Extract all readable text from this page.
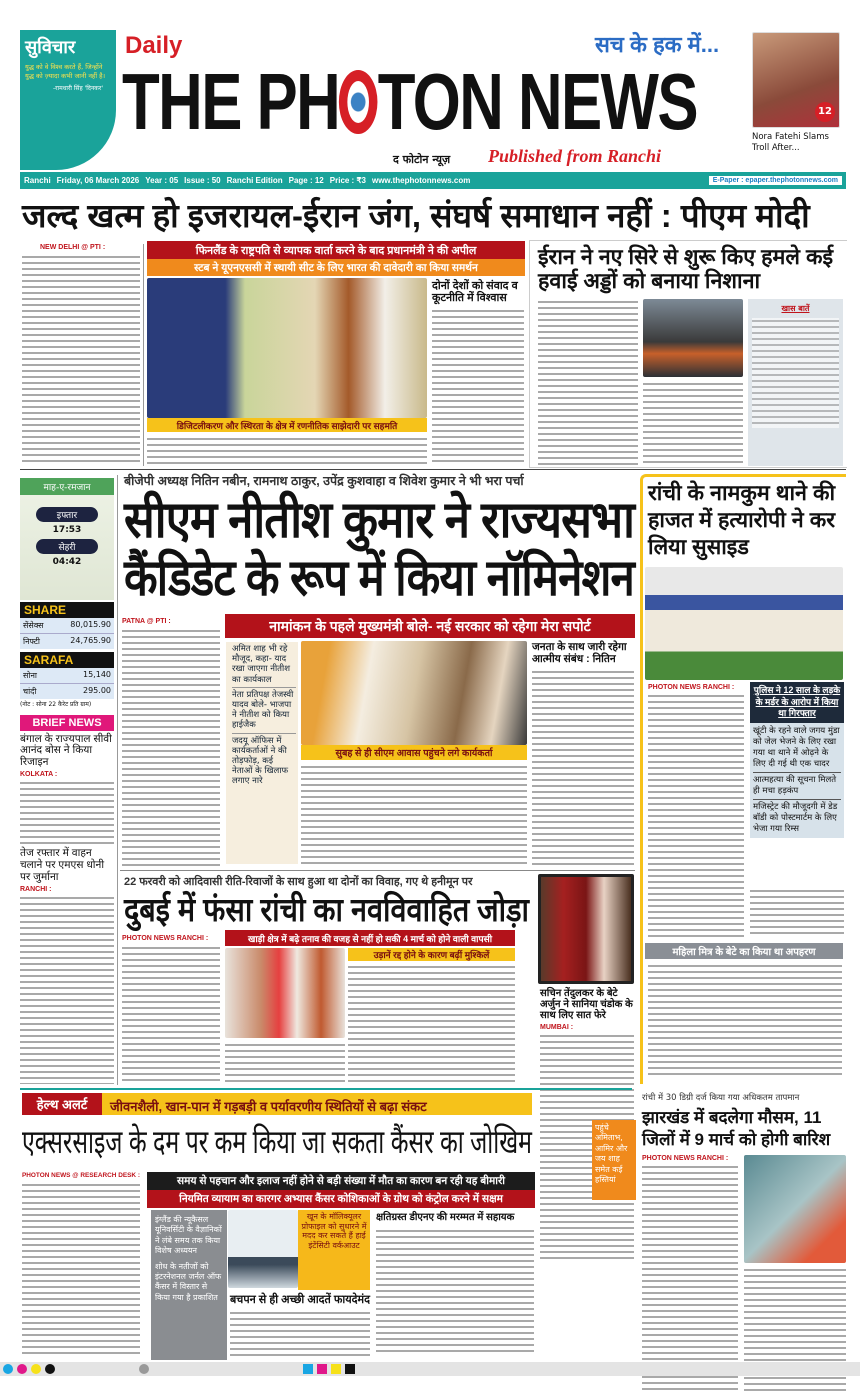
सुविचार
युद्ध को वे विश्व करते हैं, जिन्होंने युद्ध को ज़्यादा कभी जानी नहीं है।
-रामधारी सिंह 'दिनकर'
Daily
THE PH TON NEWS
सच के हक में...
द फोटोन न्यूज़ Published from Ranchi
12
Nora Fatehi Slams Troll After...
Ranchi Friday, 06 March 2026 Year : 05 Issue : 50 Ranchi Edition Page : 12 Price : ₹3 www.thephotonnews.com	E-Paper : epaper.thephotonnews.com
जल्द खत्म हो इजरायल-ईरान जंग, संघर्ष समाधान नहीं : पीएम मोदी
NEW DELHI @ PTI :	फिनलैंड के राष्ट्रपति से व्यापक वार्ता करने के बाद प्रधानमंत्री ने की अपील
स्टब ने यूएनएससी में स्थायी सीट के लिए भारत की दावेदारी का किया समर्थन
डिजिटलीकरण और स्थिरता के क्षेत्र में रणनीतिक साझेदारी पर सहमति
दोनों देशों को संवाद व कूटनीति में विश्वास
ईरान ने नए सिरे से शुरू किए हमले कई हवाई अड्डों को बनाया निशाना
खास बातें
माह-ए-रमजान
इफ्तार
17:53
सेहरी
04:42
SHARE
सेंसेक्स	80,015.90
निफ्टी	24,765.90
SARAFA
सोना	15,140
चांदी	295.00
(नोट : सोना 22 कैरेट प्रति ग्राम)
BRIEF NEWS
बंगाल के राज्यपाल सीवी आनंद बोस ने किया रिजाइन
KOLKATA :
तेज रफ्तार में वाहन चलाने पर एमएस धोनी पर जुर्माना
RANCHI :
बीजेपी अध्यक्ष नितिन नबीन, रामनाथ ठाकुर, उपेंद्र कुशवाहा व शिवेश कुमार ने भी भरा पर्चा
सीएम नीतीश कुमार ने राज्यसभा
कैंडिडेट के रूप में किया नॉमिनेशन
PATNA @ PTI :	नामांकन के पहले मुख्यमंत्री बोले- नई सरकार को रहेगा मेरा सपोर्ट
अमित शाह भी रहे मौजूद, कहा- याद रखा जाएगा नीतीश का कार्यकाल
नेता प्रतिपक्ष तेजस्वी यादव बोले- भाजपा ने नीतीश को किया हाईजैक
जदयू ऑफिस में कार्यकर्ताओं ने की तोड़फोड़, कई नेताओं के खिलाफ लगाए नारे
सुबह से ही सीएम आवास पहुंचने लगे कार्यकर्ता
जनता के साथ जारी रहेगा आत्मीय संबंध : नितिन
रांची के नामकुम थाने की हाजत में हत्यारोपी ने कर लिया सुसाइड
PHOTON NEWS RANCHI :	पुलिस ने 12 साल के लड़के के मर्डर के आरोप में किया था गिरफ्तार
खूंटी के रहने वाले जगय मुंडा को जेल भेजने के लिए रखा गया था थाने में ओढ़ने के लिए दी गई थी एक चादर
आत्महत्या की सूचना मिलते ही मचा हड़कंप
मजिस्ट्रेट की मौजूदगी में डेड बॉडी को पोस्टमार्टम के लिए भेजा गया रिम्स
महिला मित्र के बेटे का किया था अपहरण
22 फरवरी को आदिवासी रीति-रिवाजों के साथ हुआ था दोनों का विवाह, गए थे हनीमून पर
दुबई में फंसा रांची का नवविवाहित जोड़ा
PHOTON NEWS RANCHI :	खाड़ी क्षेत्र में बढ़े तनाव की वजह से नहीं हो सकी 4 मार्च को होने वाली वापसी
उड़ानें रद्द होने के कारण बढ़ीं मुश्किलें
सचिन तेंदुलकर के बेटे अर्जुन ने सानिया चंडोक के साथ लिए सात फेरे
MUMBAI :
पहुंचे अमिताभ, आमिर और जय शाह समेत कई हस्तियां
हेल्थ अलर्ट	जीवनशैली, खान-पान में गड़बड़ी व पर्यावरणीय स्थितियों से बढ़ा संकट
एक्सरसाइज के दम पर कम किया जा सकता कैंसर का जोखिम
PHOTON NEWS @ RESEARCH DESK :	समय से पहचान और इलाज नहीं होने से बड़ी संख्या में मौत का कारण बन रही यह बीमारी
नियमित व्यायाम का कारगर अभ्यास कैंसर कोशिकाओं के ग्रोथ को कंट्रोल करने में सक्षम
इंग्लैंड की न्यूकैसल यूनिवर्सिटी के वैज्ञानिकों ने लंबे समय तक किया विशेष अध्ययन
शोध के नतीजों को इंटरनेशनल जर्नल ऑफ कैंसर में विस्तार से किया गया है प्रकाशित
खून के मॉलिक्यूलर प्रोफाइल को सुधारने में मदद कर सकते हैं हाई इंटेंसिटी वर्कआउट
बचपन से ही अच्छी आदतें फायदेमंद
क्षतिग्रस्त डीएनए की मरम्मत में सहायक
रांची में 30 डिग्री दर्ज किया गया अधिकतम तापमान
झारखंड में बदलेगा मौसम, 11 जिलों में 9 मार्च को होगी बारिश
PHOTON NEWS RANCHI :
